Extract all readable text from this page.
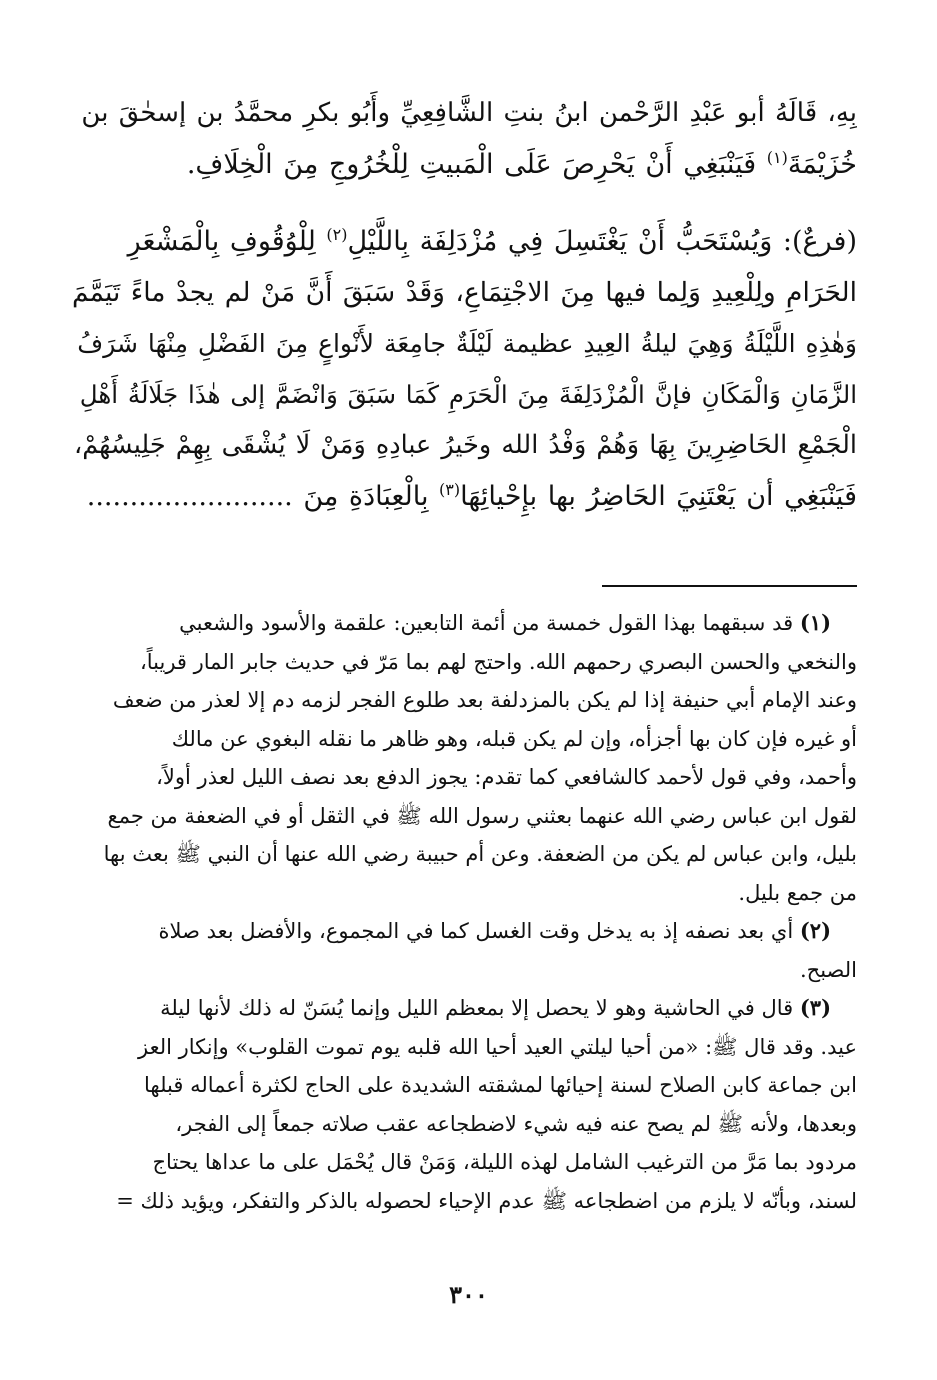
بِهِ، قَالَهُ أبو عَبْدِ الرَّحْمن ابنُ بنتِ الشَّافِعِيِّ وأَبُو بكرِ محمَّدُ بن إسحٰقَ بن
خُزَيْمَةَ$^{(١)}$ فَيَنْبَغِي أَنْ يَحْرِصَ عَلَى الْمَبيتِ لِلْخُرُوجِ مِنَ الْخِلَافِ.

(فرعٌ): وَيُسْتَحَبُّ أَنْ يَغْتَسِلَ فِي مُزْدَلِفَة بِاللَّيْلِ$^{(٢)}$ لِلْوُقُوفِ بِالْمَشْعَرِ
الحَرَامِ ولِلْعِيدِ وَلِما فيها مِنَ الاجْتِمَاعِ، وَقَدْ سَبَقَ أَنَّ مَنْ لم يجدْ ماءً تَيَمَّمَ
وَهٰذِهِ اللَّيْلَةُ وَهِيَ ليلةُ العِيدِ عظيمة لَيْلَةٌ جامِعَة لأَنْواعٍ مِنَ الفَضْلِ مِنْهَا شَرَفُ
الزَّمَانِ وَالْمَكَانِ فإنَّ الْمُزْدَلِفَةَ مِنَ الْحَرَمِ كَمَا سَبَقَ وَانْضَمَّ إلى هٰذَا جَلَالَةُ أَهْلِ
الْجَمْعِ الحَاضِرِينَ بِهَا وَهُمْ وَفْدُ الله وخَيرُ عبادِهِ وَمَنْ لَا يُشْقَى بِهِمْ جَلِيسُهُمْ،
فَيَنْبَغِي أن يَعْتَنِيَ الحَاضِرُ بها بإِحْيائِهَا$^{(٣)}$ بِالْعِبَادَةِ مِنَ ........................

(١) قد سبقهما بهذا القول خمسة من أئمة التابعين: علقمة والأسود والشعبي
والنخعي والحسن البصري رحمهم الله. واحتج لهم بما مَرّ في حديث جابر المار قريباً،
وعند الإمام أبي حنيفة إذا لم يكن بالمزدلفة بعد طلوع الفجر لزمه دم إلا لعذر من ضعف
أو غيره فإن كان بها أجزأه، وإن لم يكن قبله، وهو ظاهر ما نقله البغوي عن مالك
وأحمد، وفي قول لأحمد كالشافعي كما تقدم: يجوز الدفع بعد نصف الليل لعذر أولاً،
لقول ابن عباس رضي الله عنهما بعثني رسول الله ﷺ في الثقل أو في الضعفة من جمع
بليل، وابن عباس لم يكن من الضعفة. وعن أم حبيبة رضي الله عنها أن النبي ﷺ بعث بها
من جمع بليل.
(٢) أي بعد نصفه إذ به يدخل وقت الغسل كما في المجموع، والأفضل بعد صلاة
الصبح.
(٣) قال في الحاشية وهو لا يحصل إلا بمعظم الليل وإنما يُسَنّ له ذلك لأنها ليلة
عيد. وقد قال ﷺ: «من أحيا ليلتي العيد أحيا الله قلبه يوم تموت القلوب» وإنكار العز
ابن جماعة كابن الصلاح لسنة إحيائها لمشقته الشديدة على الحاج لكثرة أعماله قبلها
وبعدها، ولأنه ﷺ لم يصح عنه فيه شيء لاضطجاعه عقب صلاته جمعاً إلى الفجر،
مردود بما مَرَّ من الترغيب الشامل لهذه الليلة، وَمَنْ قال يُحْمَل على ما عداها يحتاج
لسند، وبأنّه لا يلزم من اضطجاعه ﷺ عدم الإحياء لحصوله بالذكر والتفكر، ويؤيد ذلك =
٣٠٠
